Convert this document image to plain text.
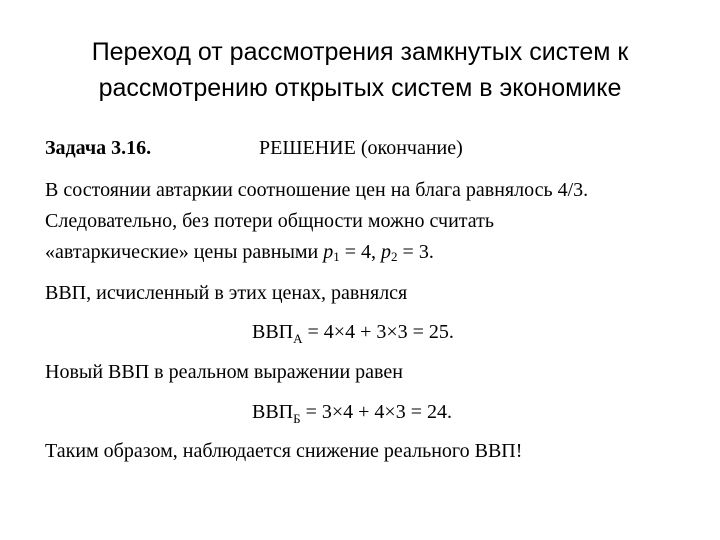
Переход от рассмотрения замкнутых систем к
рассмотрению открытых систем в экономике
Задача 3.16.	РЕШЕНИЕ (окончание)
В состоянии автаркии соотношение цен на блага равнялось 4/3.
Следовательно, без потери общности можно считать
«автаркические» цены равными $p_1 = 4$, $p_2 = 3$.
ВВП, исчисленный в этих ценах, равнялся
$ВВП_А = 4\times 4 + 3\times 3 = 25$.
Новый ВВП в реальном выражении равен
$ВВП_Б = 3\times 4 + 4\times 3 = 24$.
Таким образом, наблюдается снижение реального ВВП!
